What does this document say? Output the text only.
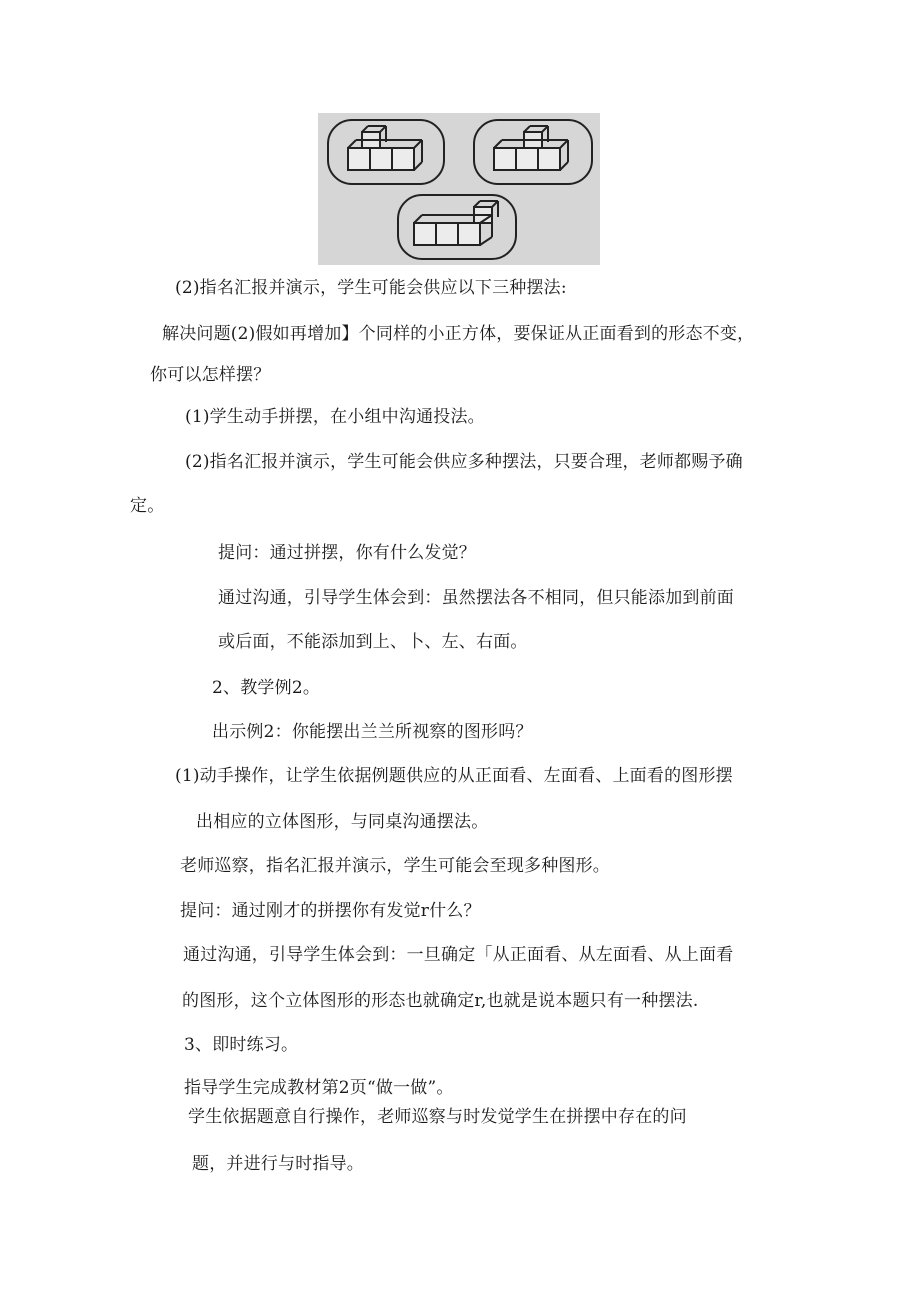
(2)指名汇报并演示，学生可能会供应以下三种摆法:
解决问题(2)假如再增加】个同样的小正方体，要保证从正面看到的形态不变，
你可以怎样摆？
(1)学生动手拼摆，在小组中沟通投法。
(2)指名汇报并演示，学生可能会供应多种摆法，只要合理，老师都赐予确
定。
提问：通过拼摆，你有什么发觉？
通过沟通，引导学生体会到：虽然摆法各不相同，但只能添加到前面
或后面，不能添加到上、卜、左、右面。
2、教学例2。
出示例2：你能摆出兰兰所视察的图形吗？
(1)动手操作，让学生依据例题供应的从正面看、左面看、上面看的图形摆
出相应的立体图形，与同桌沟通摆法。
老师巡察，指名汇报并演示，学生可能会至现多种图形。
提问：通过刚才的拼摆你有发觉r什么？
通过沟通，引导学生体会到：一旦确定「从正面看、从左面看、从上面看
的图形，这个立体图形的形态也就确定r,也就是说本题只有一种摆法.
3、即时练习。
指导学生完成教材第2页“做一做”。
学生依据题意自行操作，老师巡察与时发觉学生在拼摆中存在的问
题，并进行与时指导。
